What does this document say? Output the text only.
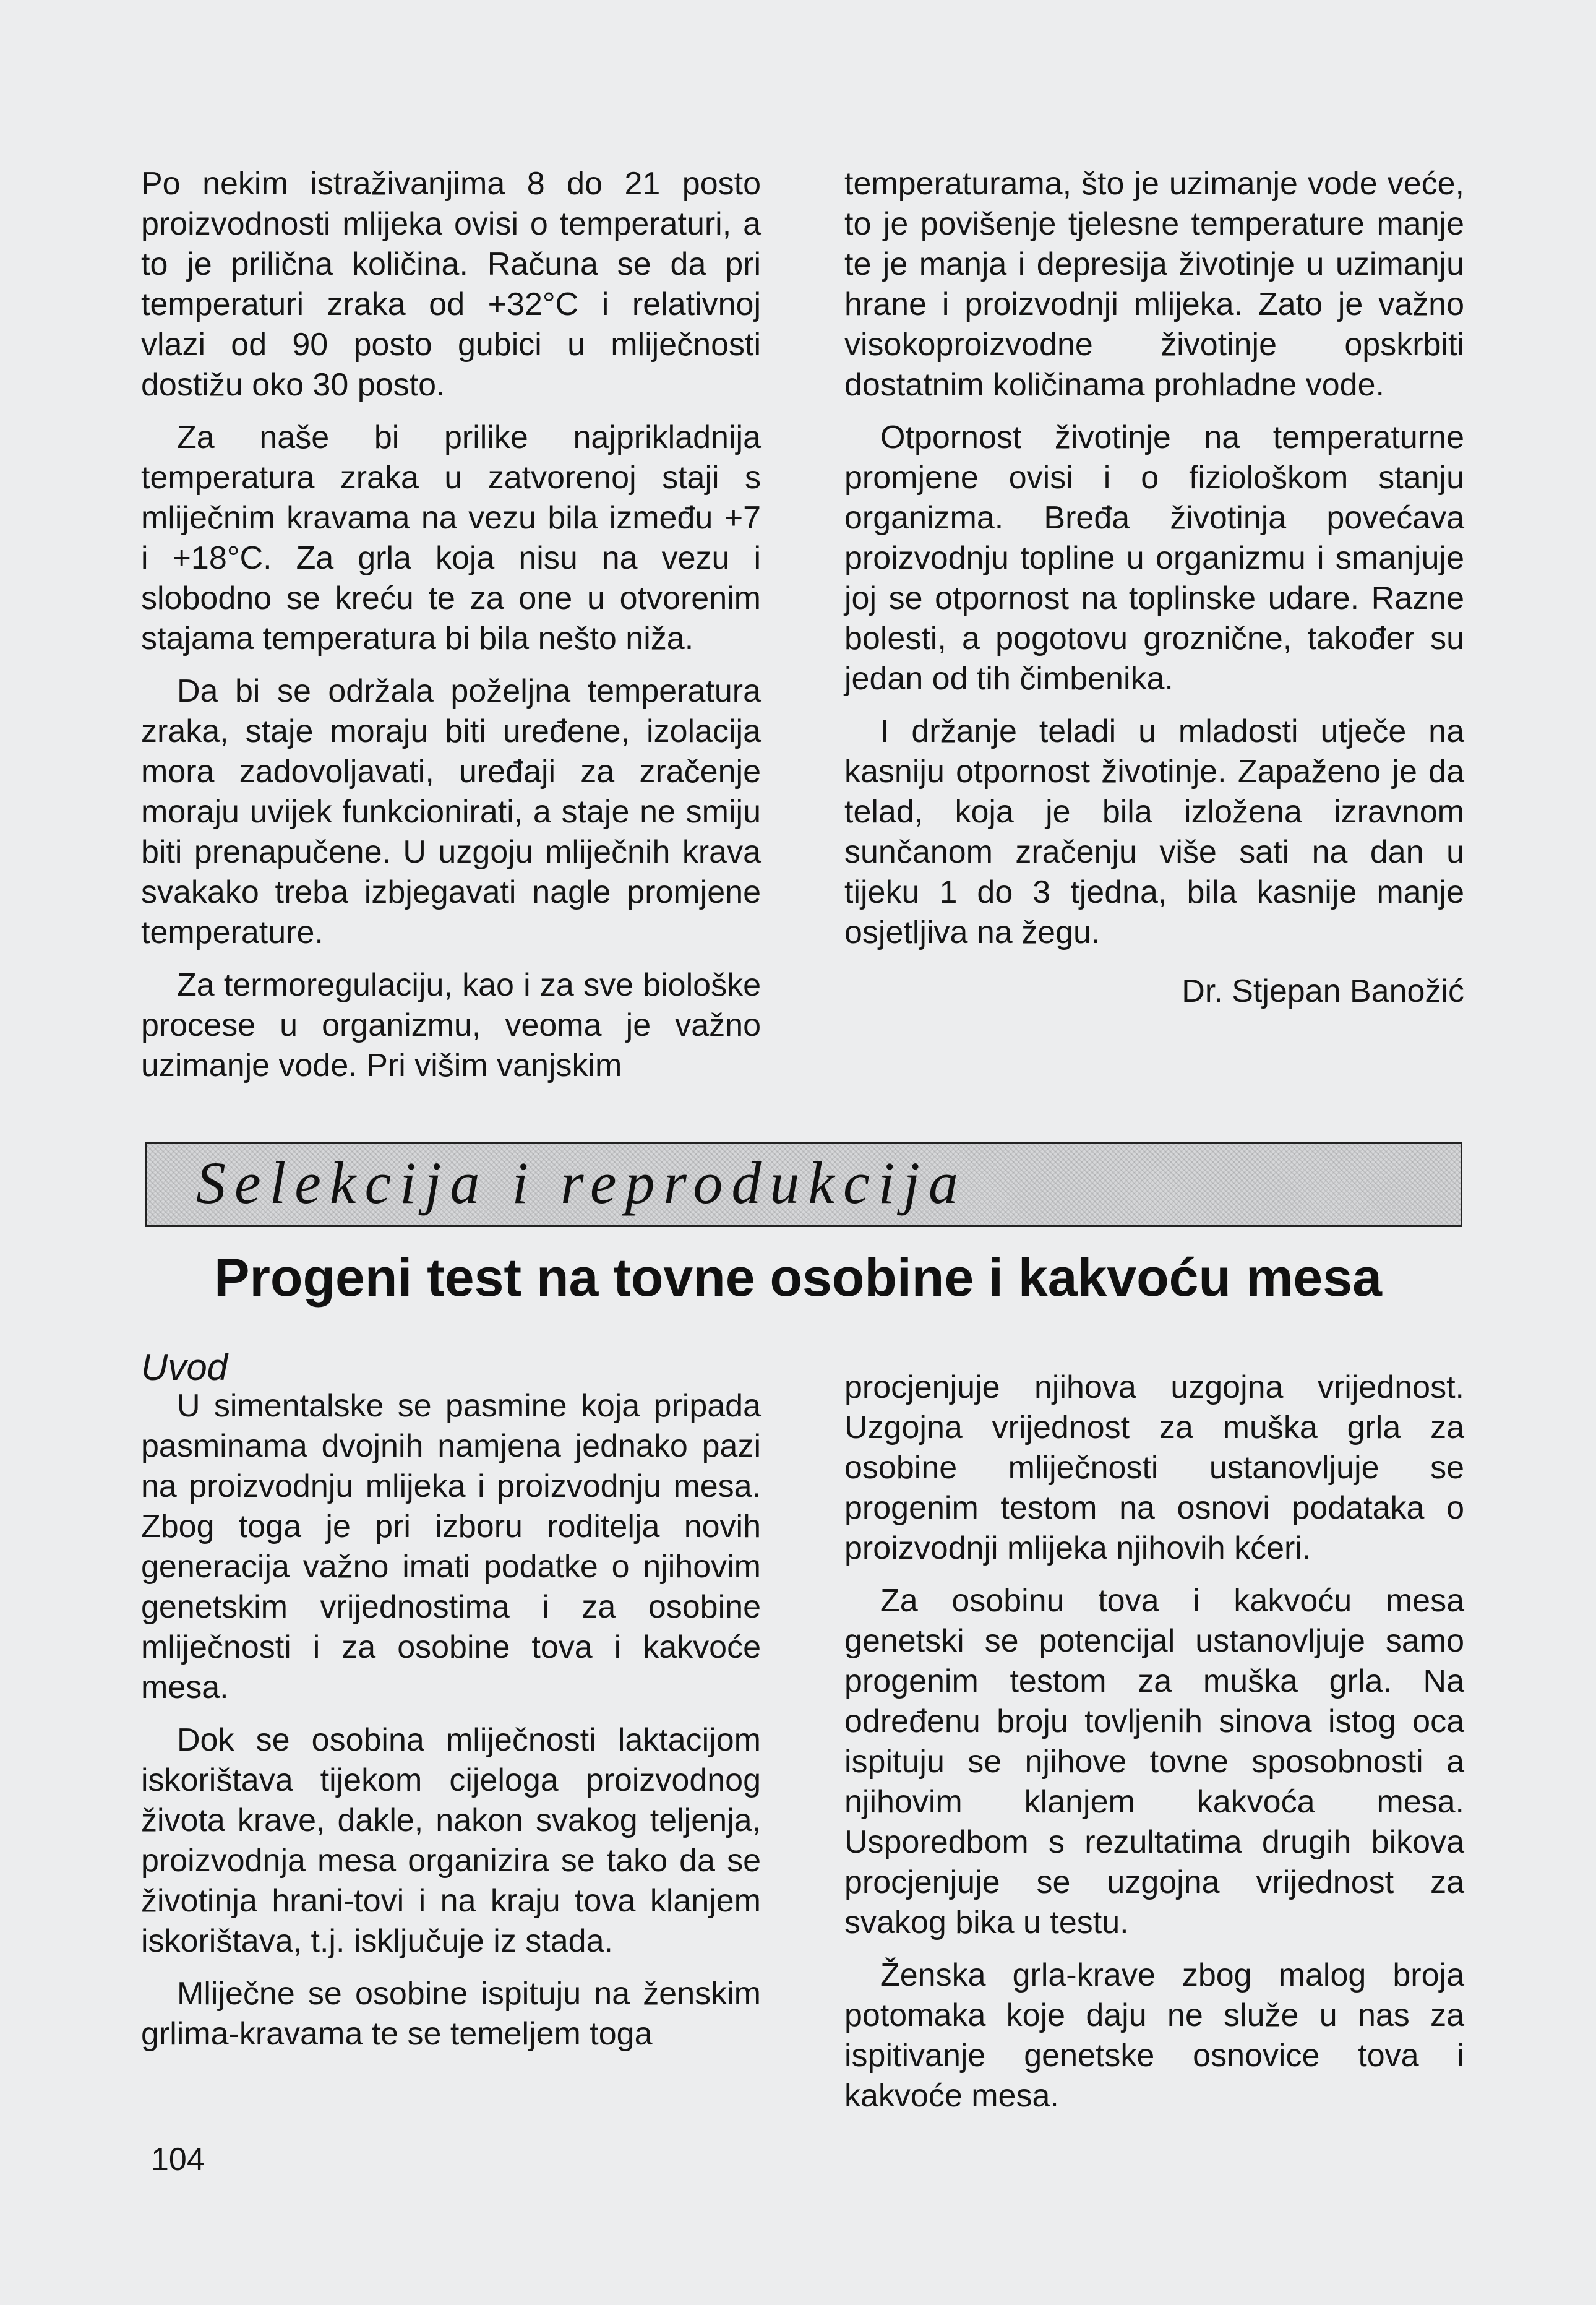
Po nekim istraživanjima 8 do 21 posto proizvodnosti mlijeka ovisi o temperaturi, a to je prilična količina. Računa se da pri temperaturi zraka od +32°C i relativnoj vlazi od 90 posto gubici u mliječnosti dostižu oko 30 posto.

Za naše bi prilike najprikladnija temperatura zraka u zatvorenoj staji s mliječnim kravama na vezu bila između +7 i +18°C. Za grla koja nisu na vezu i slobodno se kreću te za one u otvorenim stajama temperatura bi bila nešto niža.

Da bi se održala poželjna temperatura zraka, staje moraju biti uređene, izolacija mora zadovoljavati, uređaji za zračenje moraju uvijek funkcionirati, a staje ne smiju biti prenapučene. U uzgoju mliječnih krava svakako treba izbjegavati nagle promjene temperature.

Za termoregulaciju, kao i za sve biološke procese u organizmu, veoma je važno uzimanje vode. Pri višim vanjskim

temperaturama, što je uzimanje vode veće, to je povišenje tjelesne temperature manje te je manja i depresija životinje u uzimanju hrane i proizvodnji mlijeka. Zato je važno visokoproizvodne životinje opskrbiti dostatnim količinama prohladne vode.

Otpornost životinje na temperaturne promjene ovisi i o fiziološkom stanju organizma. Bređa životinja povećava proizvodnju topline u organizmu i smanjuje joj se otpornost na toplinske udare. Razne bolesti, a pogotovu groznične, također su jedan od tih čimbenika.

I držanje teladi u mladosti utječe na kasniju otpornost životinje. Zapaženo je da telad, koja je bila izložena izravnom sunčanom zračenju više sati na dan u tijeku 1 do 3 tjedna, bila kasnije manje osjetljiva na žegu.

Dr. Stjepan Banožić

Selekcija i reprodukcija
Progeni test na tovne osobine i kakvoću mesa
Uvod

U simentalske se pasmine koja pripada pasminama dvojnih namjena jednako pazi na proizvodnju mlijeka i proizvodnju mesa. Zbog toga je pri izboru roditelja novih generacija važno imati podatke o njihovim genetskim vrijednostima i za osobine mliječnosti i za osobine tova i kakvoće mesa.

Dok se osobina mliječnosti laktacijom iskorištava tijekom cijeloga proizvodnog života krave, dakle, nakon svakog teljenja, proizvodnja mesa organizira se tako da se životinja hrani-tovi i na kraju tova klanjem iskorištava, t.j. isključuje iz stada.

Mliječne se osobine ispituju na ženskim grlima-kravama te se temeljem toga

procjenjuje njihova uzgojna vrijednost. Uzgojna vrijednost za muška grla za osobine mliječnosti ustanovljuje se progenim testom na osnovi podataka o proizvodnji mlijeka njihovih kćeri.

Za osobinu tova i kakvoću mesa genetski se potencijal ustanovljuje samo progenim testom za muška grla. Na određenu broju tovljenih sinova istog oca ispituju se njihove tovne sposobnosti a njihovim klanjem kakvoća mesa. Usporedbom s rezultatima drugih bikova procjenjuje se uzgojna vrijednost za svakog bika u testu.

Ženska grla-krave zbog malog broja potomaka koje daju ne služe u nas za ispitivanje genetske osnovice tova i kakvoće mesa.

104
